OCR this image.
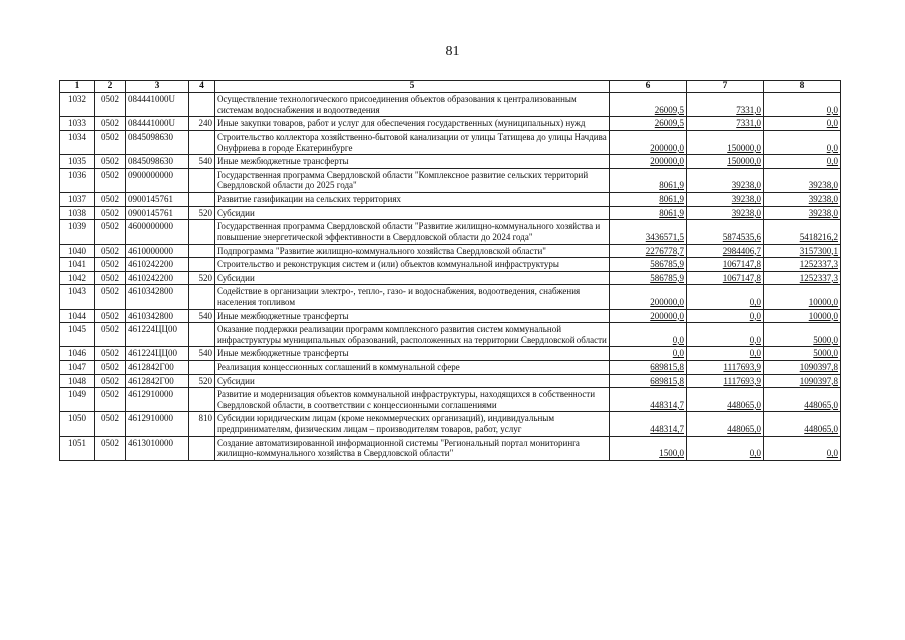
81
1	2	3	4	5	6	7	8
1032	0502	084441000U		Осуществление технологического присоединения объектов образования к централизованным системам водоснабжения и водоотведения	26009,5	7331,0	0,0
1033	0502	084441000U	240	Иные закупки товаров, работ и услуг для обеспечения государственных (муниципальных) нужд	26009,5	7331,0	0,0
1034	0502	0845098630		Строительство коллектора хозяйственно-бытовой канализации от улицы Татищева до улицы Начдива Онуфриева в городе Екатеринбурге	200000,0	150000,0	0,0
1035	0502	0845098630	540	Иные межбюджетные трансферты	200000,0	150000,0	0,0
1036	0502	0900000000		Государственная программа Свердловской области "Комплексное развитие сельских территорий Свердловской области до 2025 года"	8061,9	39238,0	39238,0
1037	0502	0900145761		Развитие газификации на сельских территориях	8061,9	39238,0	39238,0
1038	0502	0900145761	520	Субсидии	8061,9	39238,0	39238,0
1039	0502	4600000000		Государственная программа Свердловской области "Развитие жилищно-коммунального хозяйства и повышение энергетической эффективности в Свердловской области до 2024 года"	3436571,5	5874535,6	5418216,2
1040	0502	4610000000		Подпрограмма "Развитие жилищно-коммунального хозяйства Свердловской области"	2276778,7	2984406,7	3157300,1
1041	0502	4610242200		Строительство и реконструкция систем и (или) объектов коммунальной инфраструктуры	586785,9	1067147,8	1252337,3
1042	0502	4610242200	520	Субсидии	586785,9	1067147,8	1252337,3
1043	0502	4610342800		Содействие в организации электро-, тепло-, газо- и водоснабжения, водоотведения, снабжения населения топливом	200000,0	0,0	10000,0
1044	0502	4610342800	540	Иные межбюджетные трансферты	200000,0	0,0	10000,0
1045	0502	461224ЦЦ00		Оказание поддержки реализации программ комплексного развития систем коммунальной инфраструктуры муниципальных образований, расположенных на территории Свердловской области	0,0	0,0	5000,0
1046	0502	461224ЦЦ00	540	Иные межбюджетные трансферты	0,0	0,0	5000,0
1047	0502	4612842Г00		Реализация концессионных соглашений в коммунальной сфере	689815,8	1117693,9	1090397,8
1048	0502	4612842Г00	520	Субсидии	689815,8	1117693,9	1090397,8
1049	0502	4612910000		Развитие и модернизация объектов коммунальной инфраструктуры, находящихся в собственности Свердловской области, в соответствии с концессионными соглашениями	448314,7	448065,0	448065,0
1050	0502	4612910000	810	Субсидии юридическим лицам (кроме некоммерческих организаций), индивидуальным предпринимателям, физическим лицам – производителям товаров, работ, услуг	448314,7	448065,0	448065,0
1051	0502	4613010000		Создание автоматизированной информационной системы "Региональный портал мониторинга жилищно-коммунального хозяйства в Свердловской области"	1500,0	0,0	0,0
